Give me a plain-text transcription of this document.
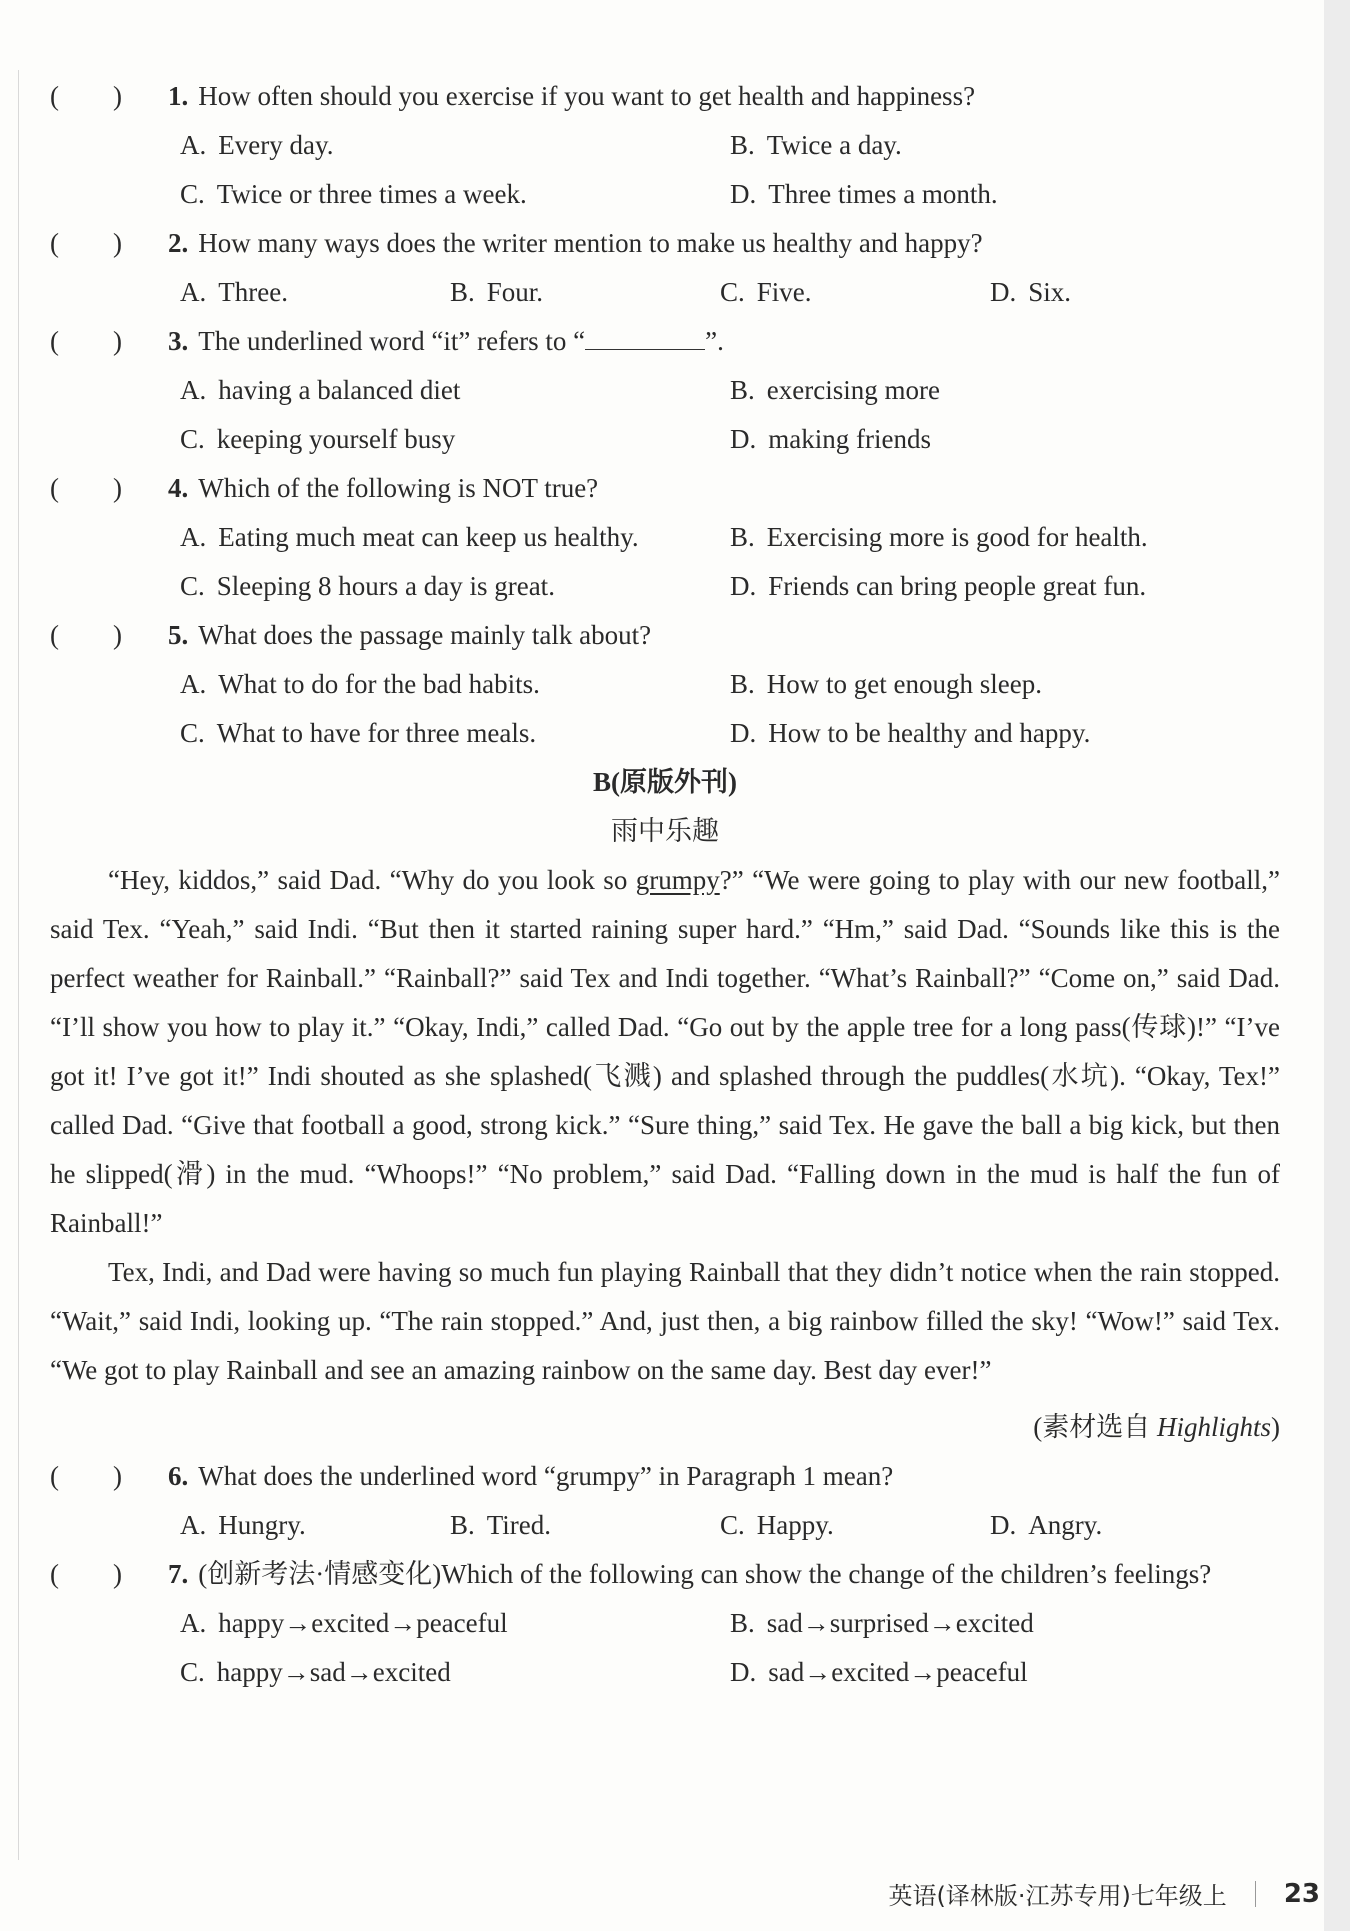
(        )	1. How often should you exercise if you want to get health and happiness?
A. Every day.	B. Twice a day.
C. Twice or three times a week.	D. Three times a month.
(        )	2. How many ways does the writer mention to make us healthy and happy?
A. Three.	B. Four.	C. Five.	D. Six.
(        )	3. The underlined word “it” refers to “	”.
A. having a balanced diet	B. exercising more
C. keeping yourself busy	D. making friends
(        )	4. Which of the following is NOT true?
A. Eating much meat can keep us healthy.	B. Exercising more is good for health.
C. Sleeping 8 hours a day is great.	D. Friends can bring people great fun.
(        )	5. What does the passage mainly talk about?
A. What to do for the bad habits.	B. How to get enough sleep.
C. What to have for three meals.	D. How to be healthy and happy.
B(原版外刊)
雨中乐趣
“Hey, kiddos,” said Dad. “Why do you look so grumpy?” “We were going to play with our new football,” said Tex. “Yeah,” said Indi. “But then it started raining super hard.” “Hm,” said Dad. “Sounds like this is the perfect weather for Rainball.” “Rainball?” said Tex and Indi together. “What’s Rainball?” “Come on,” said Dad. “I’ll show you how to play it.” “Okay, Indi,” called Dad. “Go out by the apple tree for a long pass(传球)!” “I’ve got it! I’ve got it!” Indi shouted as she splashed(飞溅) and splashed through the puddles(水坑). “Okay, Tex!” called Dad. “Give that football a good, strong kick.” “Sure thing,” said Tex. He gave the ball a big kick, but then he slipped(滑) in the mud. “Whoops!” “No problem,” said Dad. “Falling down in the mud is half the fun of Rainball!”
Tex, Indi, and Dad were having so much fun playing Rainball that they didn’t notice when the rain stopped. “Wait,” said Indi, looking up. “The rain stopped.” And, just then, a big rainbow filled the sky! “Wow!” said Tex. “We got to play Rainball and see an amazing rainbow on the same day. Best day ever!”
(素材选自 Highlights)
(        )	6. What does the underlined word “grumpy” in Paragraph 1 mean?
A. Hungry.	B. Tired.	C. Happy.	D. Angry.
(        )	7. (创新考法·情感变化)Which of the following can show the change of the children’s feelings?
A. happy→excited→peaceful	B. sad→surprised→excited
C. happy→sad→excited	D. sad→excited→peaceful
英语(译林版·江苏专用)七年级上 23
